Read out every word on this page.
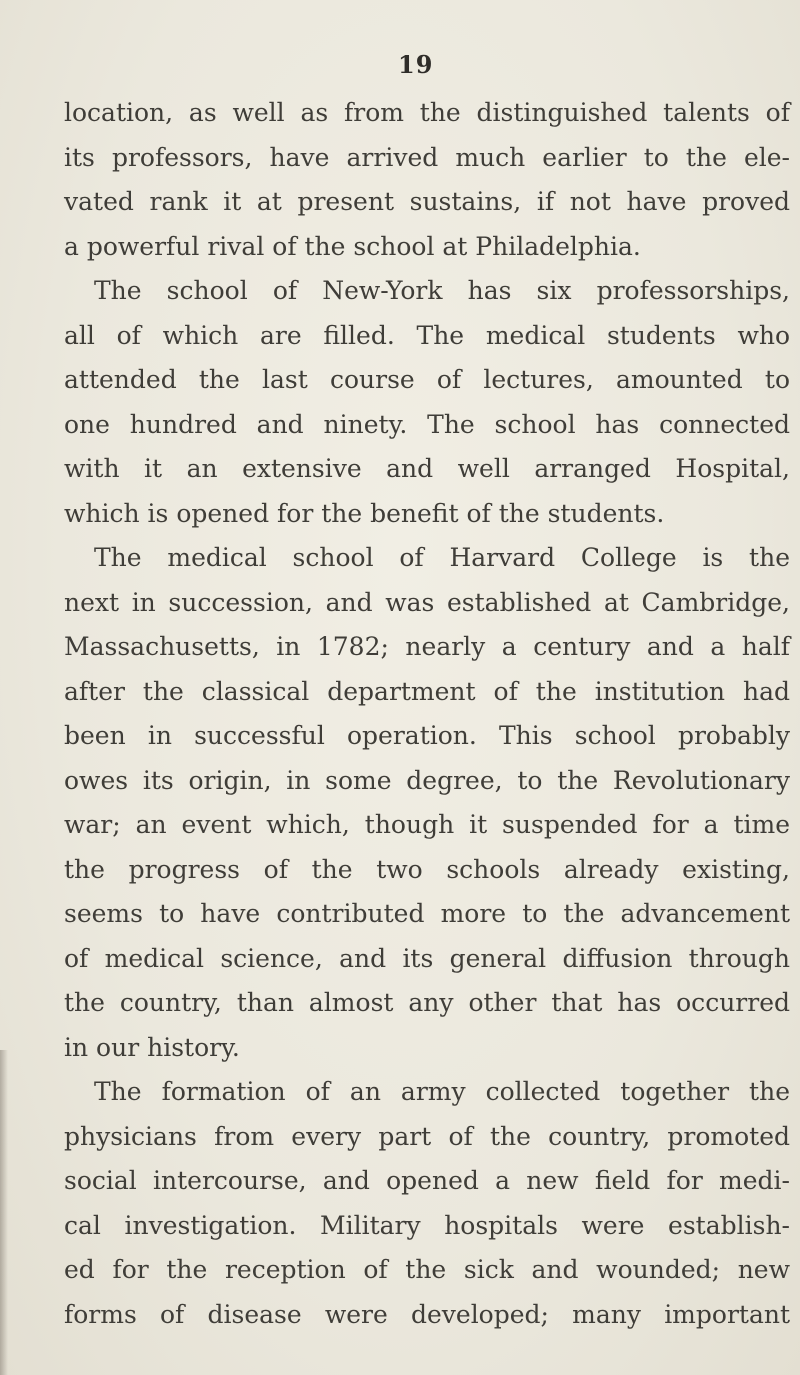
19
location, as well as from the distinguished talents of
its professors, have arrived much earlier to the ele-
vated rank it at present sustains, if not have proved
a powerful rival of the school at Philadelphia.
The school of New-York has six professorships,
all of which are filled. The medical students who
attended the last course of lectures, amounted to
one hundred and ninety. The school has connected
with it an extensive and well arranged Hospital,
which is opened for the benefit of the students.
The medical school of Harvard College is the
next in succession, and was established at Cambridge,
Massachusetts, in 1782; nearly a century and a half
after the classical department of the institution had
been in successful operation. This school probably
owes its origin, in some degree, to the Revolutionary
war; an event which, though it suspended for a time
the progress of the two schools already existing,
seems to have contributed more to the advancement
of medical science, and its general diffusion through
the country, than almost any other that has occurred
in our history.
The formation of an army collected together the
physicians from every part of the country, promoted
social intercourse, and opened a new field for medi-
cal investigation. Military hospitals were establish-
ed for the reception of the sick and wounded; new
forms of disease were developed; many important
